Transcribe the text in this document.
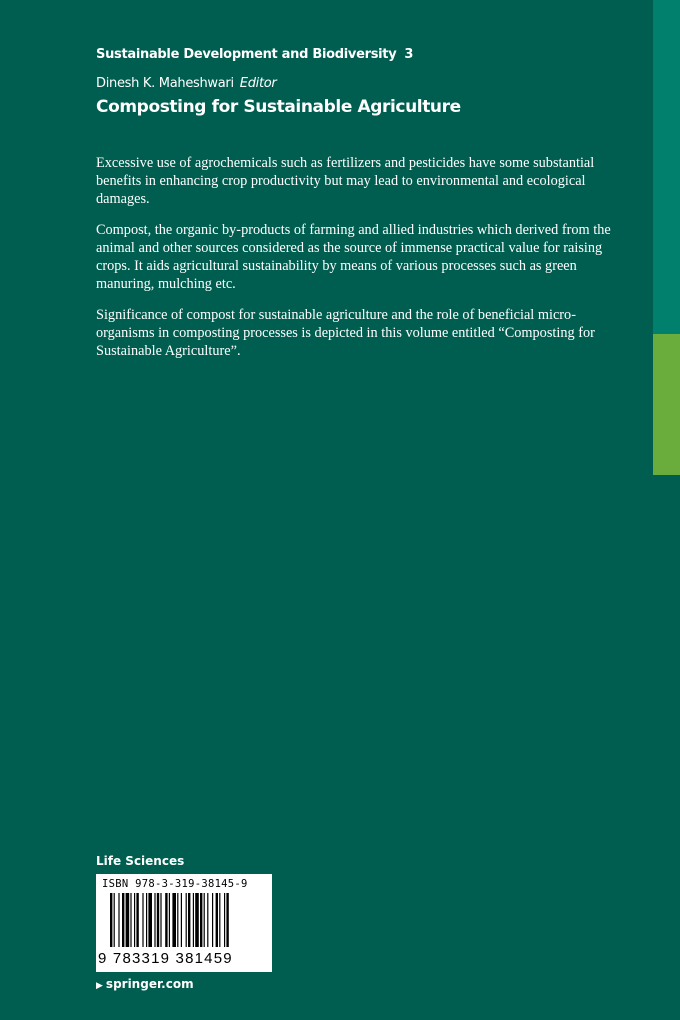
Sustainable Development and Biodiversity 3
Dinesh K. Maheshwari Editor
Composting for Sustainable Agriculture

Excessive use of agrochemicals such as fertilizers and pesticides have some substantial benefits in enhancing crop productivity but may lead to environmental and ecological damages.

Compost, the organic by-products of farming and allied industries which derived from the animal and other sources considered as the source of immense practical value for raising crops. It aids agricultural sustainability by means of various processes such as green manuring, mulching etc.

Significance of compost for sustainable agriculture and the role of beneficial micro-organisms in composting processes is depicted in this volume entitled “Composting for Sustainable Agriculture”.

Life Sciences
ISBN 978-3-319-38145-9
9 783319 381459
▶ springer.com
